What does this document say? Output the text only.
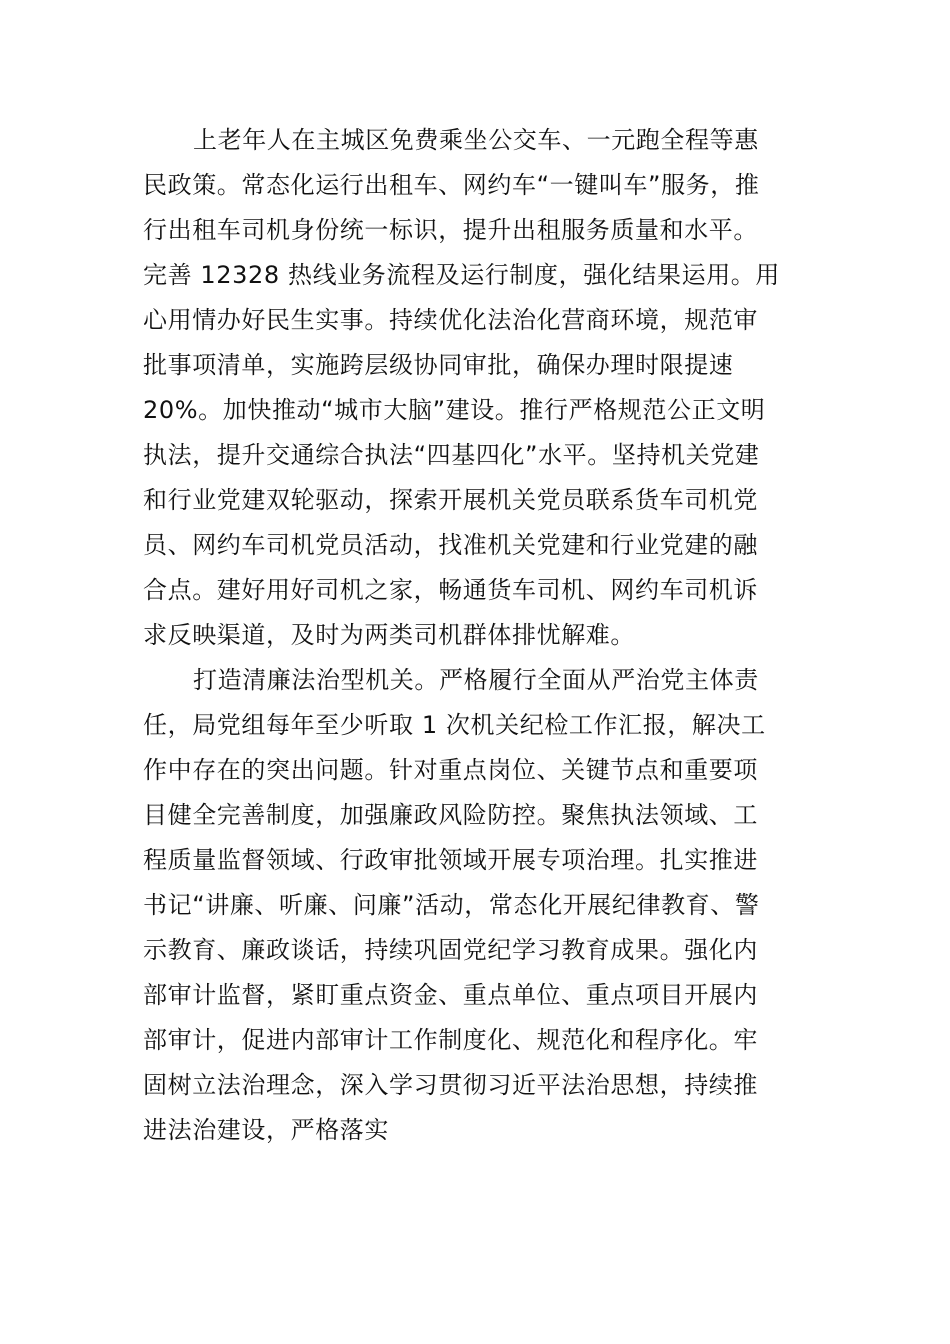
上老年人在主城区免费乘坐公交车、一元跑全程等惠
民政策。常态化运行出租车、网约车“一键叫车”服务，推
行出租车司机身份统一标识，提升出租服务质量和水平。
完善 12328 热线业务流程及运行制度，强化结果运用。用
心用情办好民生实事。持续优化法治化营商环境，规范审
批事项清单，实施跨层级协同审批，确保办理时限提速
20%。加快推动“城市大脑”建设。推行严格规范公正文明
执法，提升交通综合执法“四基四化”水平。坚持机关党建
和行业党建双轮驱动，探索开展机关党员联系货车司机党
员、网约车司机党员活动，找准机关党建和行业党建的融
合点。建好用好司机之家，畅通货车司机、网约车司机诉
求反映渠道，及时为两类司机群体排忧解难。
打造清廉法治型机关。严格履行全面从严治党主体责
任，局党组每年至少听取 1 次机关纪检工作汇报，解决工
作中存在的突出问题。针对重点岗位、关键节点和重要项
目健全完善制度，加强廉政风险防控。聚焦执法领域、工
程质量监督领域、行政审批领域开展专项治理。扎实推进
书记“讲廉、听廉、问廉”活动，常态化开展纪律教育、警
示教育、廉政谈话，持续巩固党纪学习教育成果。强化内
部审计监督，紧盯重点资金、重点单位、重点项目开展内
部审计，促进内部审计工作制度化、规范化和程序化。牢
固树立法治理念，深入学习贯彻习近平法治思想，持续推
进法治建设，严格落实
